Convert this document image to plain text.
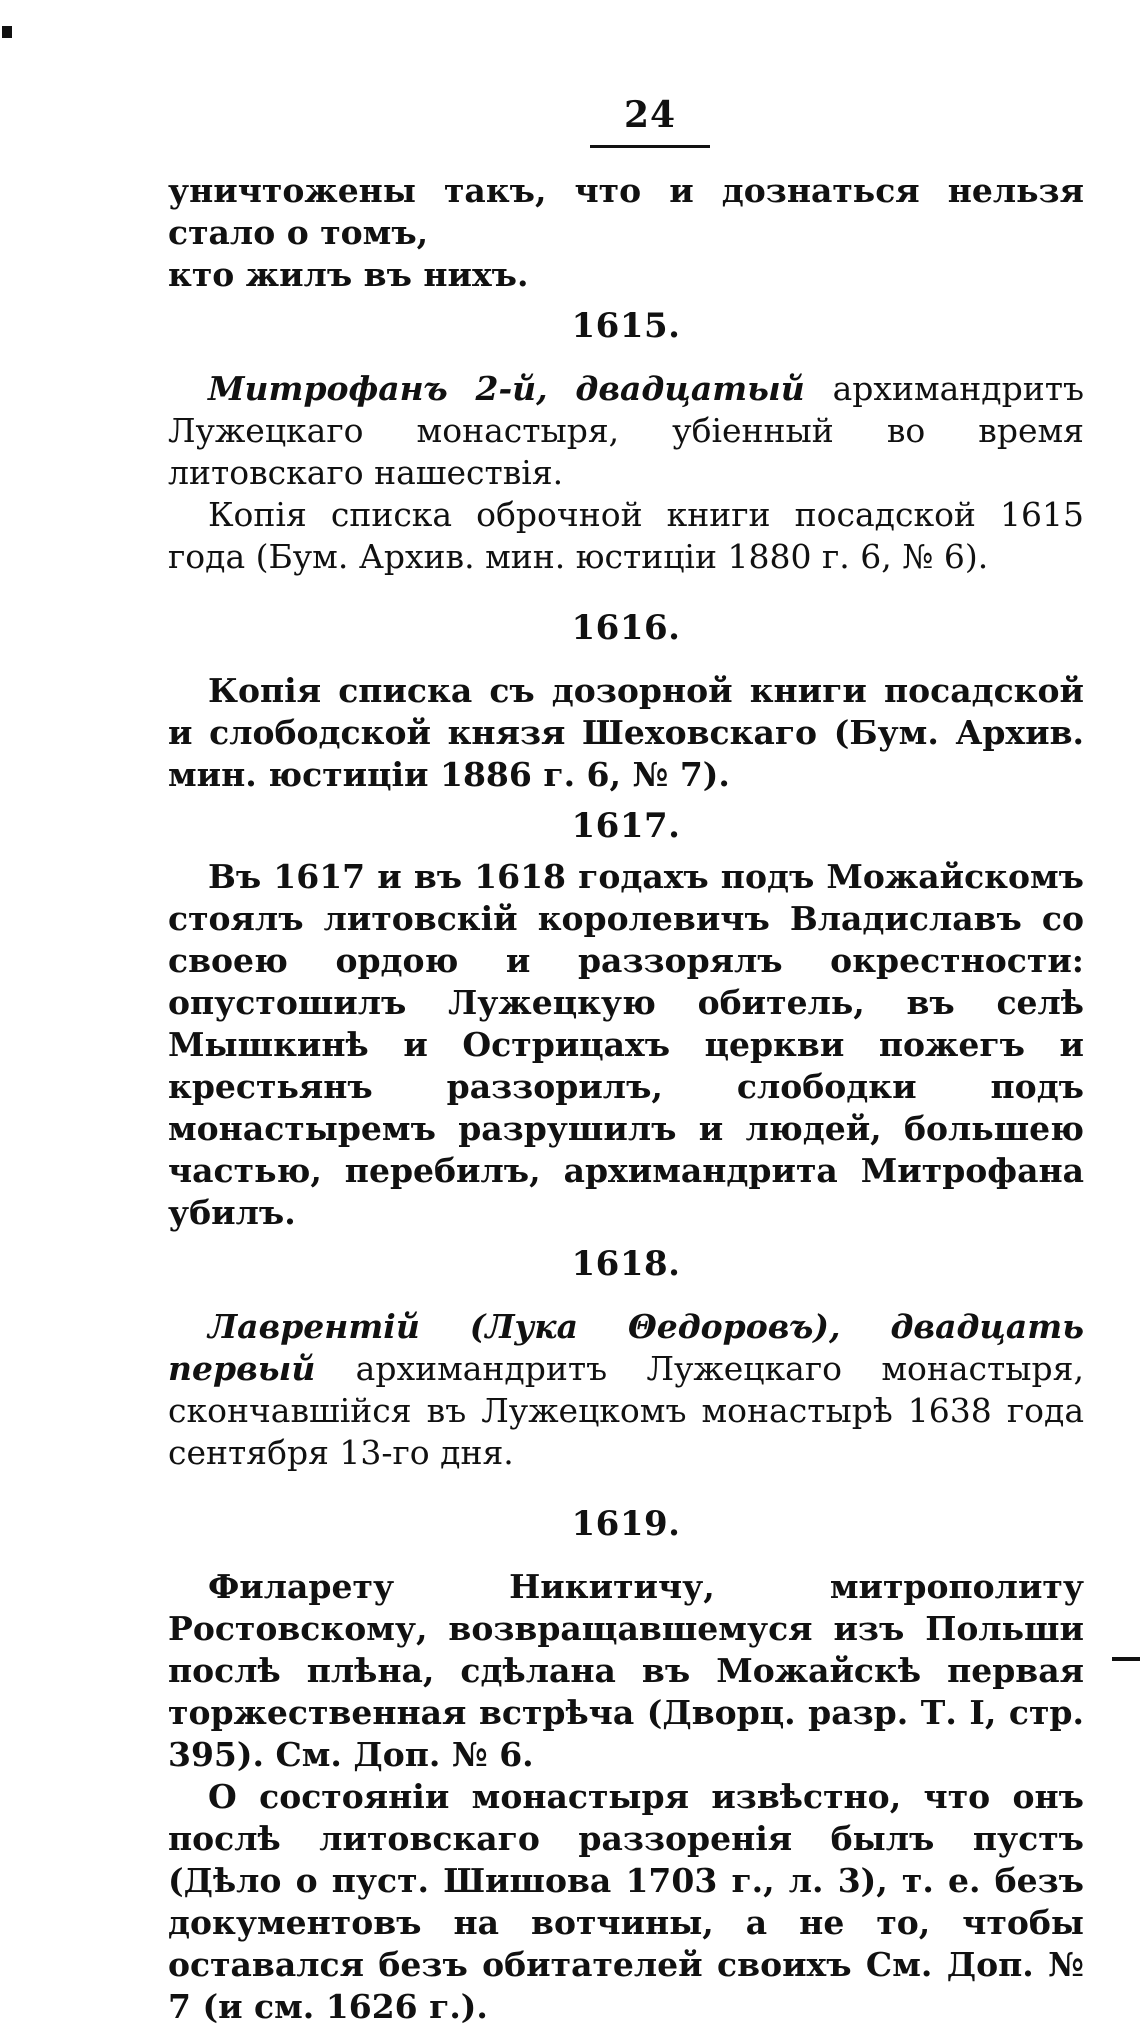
24

уничтожены такъ, что и дознаться нельзя стало о томъ,
кто жилъ въ нихъ.

1615.

Митрофанъ 2-й, двадцатый архимандритъ Лужецкаго монастыря, убіенный во время литовскаго нашествія.

Копія списка оброчной книги посадской 1615 года (Бум. Архив. мин. юстиціи 1880 г. 6, № 6).

1616.

Копія списка съ дозорной книги посадской и слободской князя Шеховскаго (Бум. Архив. мин. юстиціи 1886 г. 6, № 7).

1617.

Въ 1617 и въ 1618 годахъ подъ Можайскомъ стоялъ литовскій королевичъ Владиславъ со своею ордою и раззорялъ окрестности: опустошилъ Лужецкую обитель, въ селѣ Мышкинѣ и Острицахъ церкви пожегъ и крестьянъ раззорилъ, слободки подъ монастыремъ разрушилъ и людей, большею частью, перебилъ, архимандрита Митрофана убилъ.

1618.

Лаврентій (Лука Θедоровъ), двадцать первый архимандритъ Лужецкаго монастыря, скончавшійся въ Лужецкомъ монастырѣ 1638 года сентября 13-го дня.

1619.

Филарету Никитичу, митрополиту Ростовскому, возвращавшемуся изъ Польши послѣ плѣна, сдѣлана въ Можайскѣ первая торжественная встрѣча (Дворц. разр. Т. I, стр. 395). См. Доп. № 6.

О состояніи монастыря извѣстно, что онъ послѣ литовскаго раззоренія былъ пустъ (Дѣло о пуст. Шишова 1703 г., л. 3), т. е. безъ документовъ на вотчины, а не то, чтобы оставался безъ обитателей своихъ См. Доп. № 7 (и см. 1626 г.).
